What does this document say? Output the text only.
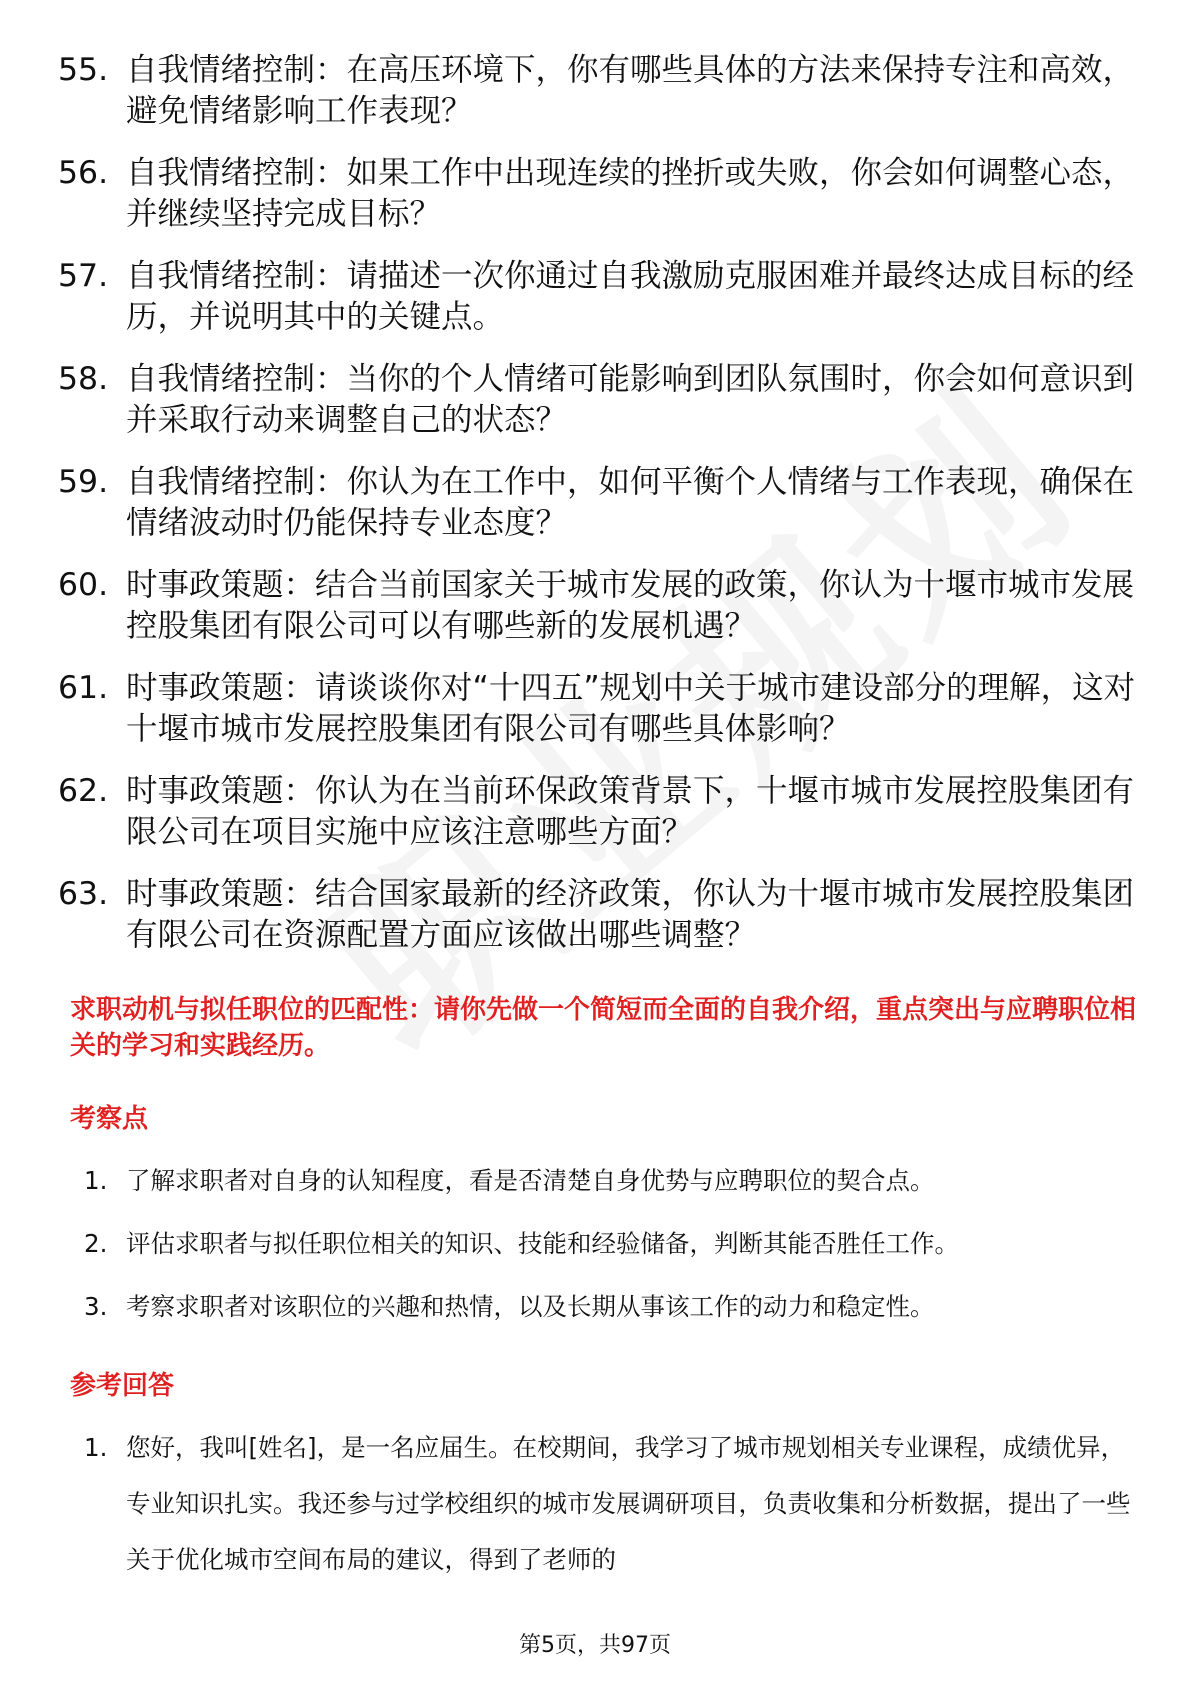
55. 自我情绪控制：在高压环境下，你有哪些具体的方法来保持专注和高效，避免情绪影响工作表现？
56. 自我情绪控制：如果工作中出现连续的挫折或失败，你会如何调整心态，并继续坚持完成目标？
57. 自我情绪控制：请描述一次你通过自我激励克服困难并最终达成目标的经历，并说明其中的关键点。
58. 自我情绪控制：当你的个人情绪可能影响到团队氛围时，你会如何意识到并采取行动来调整自己的状态？
59. 自我情绪控制：你认为在工作中，如何平衡个人情绪与工作表现，确保在情绪波动时仍能保持专业态度？
60. 时事政策题：结合当前国家关于城市发展的政策，你认为十堰市城市发展控股集团有限公司可以有哪些新的发展机遇？
61. 时事政策题：请谈谈你对“十四五”规划中关于城市建设部分的理解，这对十堰市城市发展控股集团有限公司有哪些具体影响？
62. 时事政策题：你认为在当前环保政策背景下，十堰市城市发展控股集团有限公司在项目实施中应该注意哪些方面？
63. 时事政策题：结合国家最新的经济政策，你认为十堰市城市发展控股集团有限公司在资源配置方面应该做出哪些调整？
求职动机与拟任职位的匹配性：请你先做一个简短而全面的自我介绍，重点突出与应聘职位相关的学习和实践经历。
考察点
1. 了解求职者对自身的认知程度，看是否清楚自身优势与应聘职位的契合点。
2. 评估求职者与拟任职位相关的知识、技能和经验储备，判断其能否胜任工作。
3. 考察求职者对该职位的兴趣和热情，以及长期从事该工作的动力和稳定性。
参考回答
1. 您好，我叫[姓名]，是一名应届生。在校期间，我学习了城市规划相关专业课程，成绩优异，专业知识扎实。我还参与过学校组织的城市发展调研项目，负责收集和分析数据，提出了一些关于优化城市空间布局的建议，得到了老师的
第5页，共97页
